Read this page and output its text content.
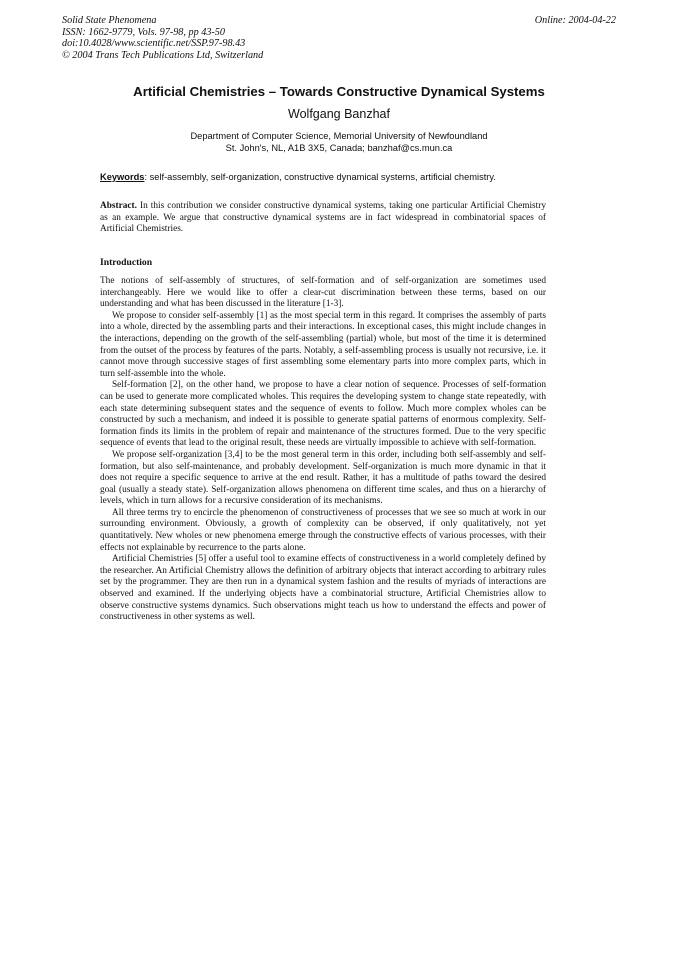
Solid State Phenomena
ISSN: 1662-9779, Vols. 97-98, pp 43-50
doi:10.4028/www.scientific.net/SSP.97-98.43
© 2004 Trans Tech Publications Ltd, Switzerland
Online: 2004-04-22
Artificial Chemistries – Towards Constructive Dynamical Systems
Wolfgang Banzhaf
Department of Computer Science, Memorial University of Newfoundland
St. John's, NL, A1B 3X5, Canada; banzhaf@cs.mun.ca
Keywords: self-assembly, self-organization, constructive dynamical systems, artificial chemistry.
Abstract. In this contribution we consider constructive dynamical systems, taking one particular Artificial Chemistry as an example. We argue that constructive dynamical systems are in fact widespread in combinatorial spaces of Artificial Chemistries.
Introduction

The notions of self-assembly of structures, of self-formation and of self-organization are sometimes used interchangeably. Here we would like to offer a clear-cut discrimination between these terms, based on our understanding and what has been discussed in the literature [1-3].

We propose to consider self-assembly [1] as the most special term in this regard. It comprises the assembly of parts into a whole, directed by the assembling parts and their interactions. In exceptional cases, this might include changes in the interactions, depending on the growth of the self-assembling (partial) whole, but most of the time it is determined from the outset of the process by features of the parts. Notably, a self-assembling process is usually not recursive, i.e. it cannot move through successive stages of first assembling some elementary parts into more complex parts, which in turn self-assemble into the whole.

Self-formation [2], on the other hand, we propose to have a clear notion of sequence. Processes of self-formation can be used to generate more complicated wholes. This requires the developing system to change state repeatedly, with each state determining subsequent states and the sequence of events to follow. Much more complex wholes can be constructed by such a mechanism, and indeed it is possible to generate spatial patterns of enormous complexity. Self-formation finds its limits in the problem of repair and maintenance of the structures formed. Due to the very specific sequence of events that lead to the original result, these needs are virtually impossible to achieve with self-formation.

We propose self-organization [3,4] to be the most general term in this order, including both self-assembly and self-formation, but also self-maintenance, and probably development. Self-organization is much more dynamic in that it does not require a specific sequence to arrive at the end result. Rather, it has a multitude of paths toward the desired goal (usually a steady state). Self-organization allows phenomena on different time scales, and thus on a hierarchy of levels, which in turn allows for a recursive consideration of its mechanisms.

All three terms try to encircle the phenomenon of constructiveness of processes that we see so much at work in our surrounding environment. Obviously, a growth of complexity can be observed, if only qualitatively, not yet quantitatively. New wholes or new phenomena emerge through the constructive effects of various processes, with their effects not explainable by recurrence to the parts alone.

Artificial Chemistries [5] offer a useful tool to examine effects of constructiveness in a world completely defined by the researcher. An Artificial Chemistry allows the definition of arbitrary objects that interact according to arbitrary rules set by the programmer. They are then run in a dynamical system fashion and the results of myriads of interactions are observed and examined. If the underlying objects have a combinatorial structure, Artificial Chemistries allow to observe constructive systems dynamics. Such observations might teach us how to understand the effects and power of constructiveness in other systems as well.
